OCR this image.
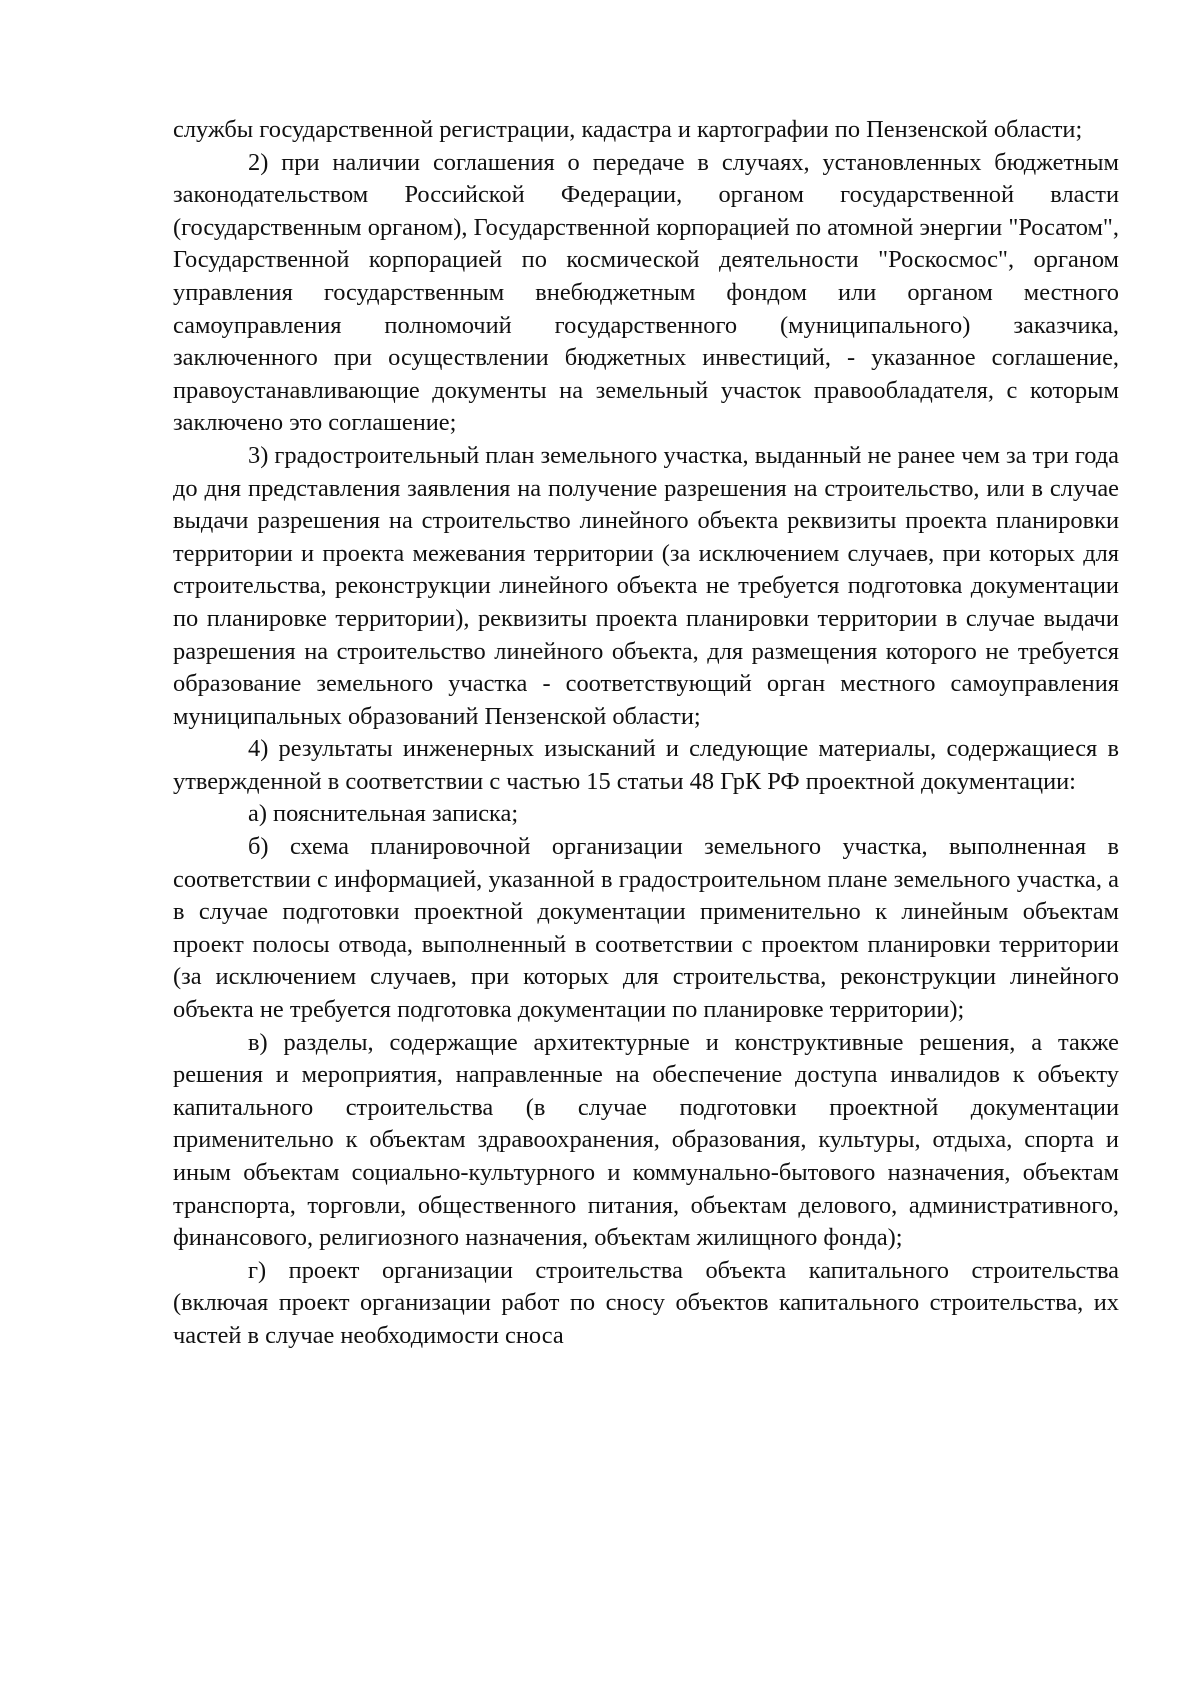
службы государственной регистрации, кадастра и картографии по Пензенской области;

2) при наличии соглашения о передаче в случаях, установленных бюджетным законодательством Российской Федерации, органом государственной власти (государственным органом), Государственной корпорацией по атомной энергии "Росатом", Государственной корпорацией по космической деятельности "Роскосмос", органом управления государственным внебюджетным фондом или органом местного самоуправления полномочий государственного (муниципального) заказчика, заключенного при осуществлении бюджетных инвестиций, - указанное соглашение, правоустанавливающие документы на земельный участок правообладателя, с которым заключено это соглашение;

3) градостроительный план земельного участка, выданный не ранее чем за три года до дня представления заявления на получение разрешения на строительство, или в случае выдачи разрешения на строительство линейного объекта реквизиты проекта планировки территории и проекта межевания территории (за исключением случаев, при которых для строительства, реконструкции линейного объекта не требуется подготовка документации по планировке территории), реквизиты проекта планировки территории в случае выдачи разрешения на строительство линейного объекта, для размещения которого не требуется образование земельного участка - соответствующий орган местного самоуправления муниципальных образований Пензенской области;

4) результаты инженерных изысканий и следующие материалы, содержащиеся в утвержденной в соответствии с частью 15 статьи 48 ГрК РФ проектной документации:

а) пояснительная записка;

б) схема планировочной организации земельного участка, выполненная в соответствии с информацией, указанной в градостроительном плане земельного участка, а в случае подготовки проектной документации применительно к линейным объектам проект полосы отвода, выполненный в соответствии с проектом планировки территории (за исключением случаев, при которых для строительства, реконструкции линейного объекта не требуется подготовка документации по планировке территории);

в) разделы, содержащие архитектурные и конструктивные решения, а также решения и мероприятия, направленные на обеспечение доступа инвалидов к объекту капитального строительства (в случае подготовки проектной документации применительно к объектам здравоохранения, образования, культуры, отдыха, спорта и иным объектам социально-культурного и коммунально-бытового назначения, объектам транспорта, торговли, общественного питания, объектам делового, административного, финансового, религиозного назначения, объектам жилищного фонда);

г) проект организации строительства объекта капитального строительства (включая проект организации работ по сносу объектов капитального строительства, их частей в случае необходимости сноса
